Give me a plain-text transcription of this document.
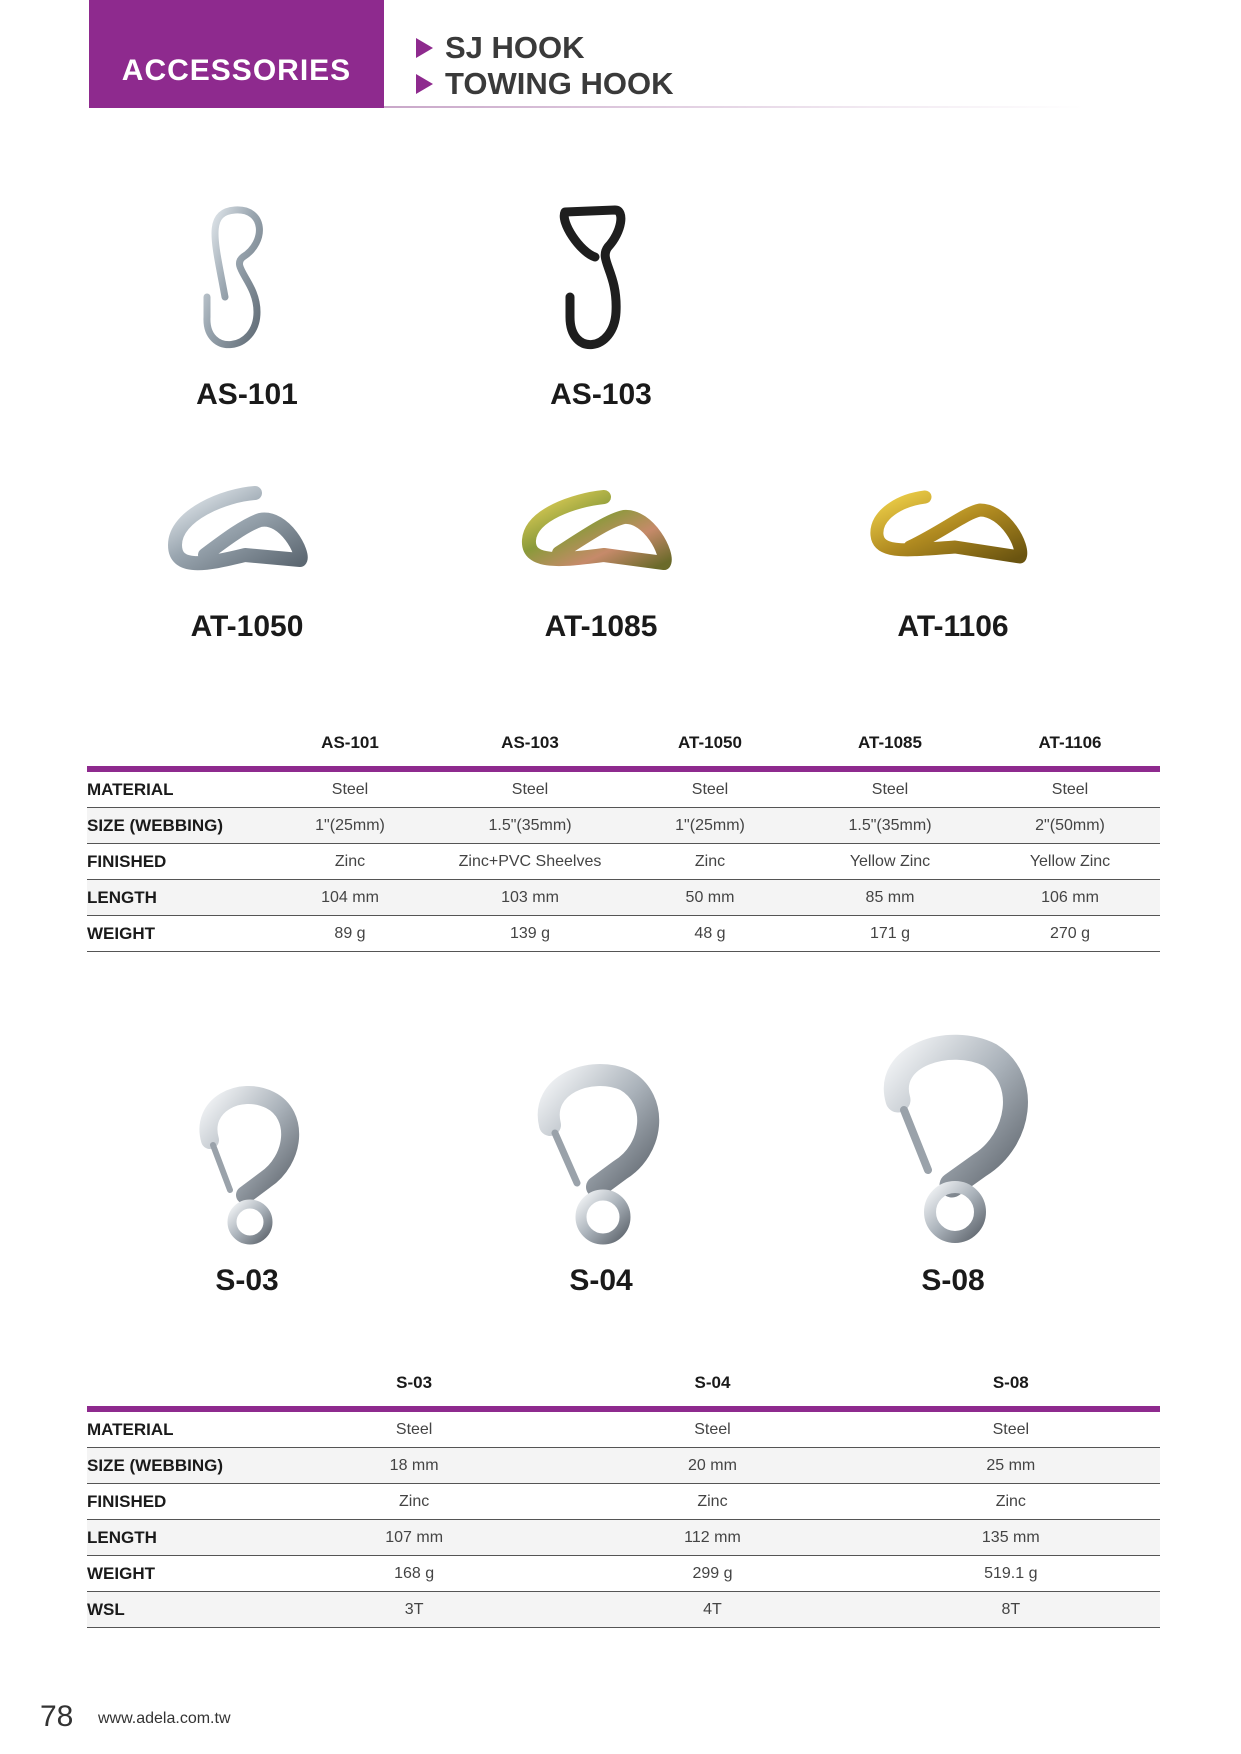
ACCESSORIES
SJ HOOK
TOWING HOOK
AS-101	AS-103
AT-1050	AT-1085	AT-1106
	AS-101	AS-103	AT-1050	AT-1085	AT-1106
MATERIAL	Steel	Steel	Steel	Steel	Steel
SIZE (WEBBING)	1"(25mm)	1.5"(35mm)	1"(25mm)	1.5"(35mm)	2"(50mm)
FINISHED	Zinc	Zinc+PVC Sheelves	Zinc	Yellow Zinc	Yellow Zinc
LENGTH	104 mm	103 mm	50 mm	85 mm	106 mm
WEIGHT	89 g	139 g	48 g	171 g	270 g
S-03	S-04	S-08
	S-03	S-04	S-08
MATERIAL	Steel	Steel	Steel
SIZE (WEBBING)	18 mm	20 mm	25 mm
FINISHED	Zinc	Zinc	Zinc
LENGTH	107 mm	112 mm	135 mm
WEIGHT	168 g	299 g	519.1 g
WSL	3T	4T	8T
78 www.adela.com.tw
